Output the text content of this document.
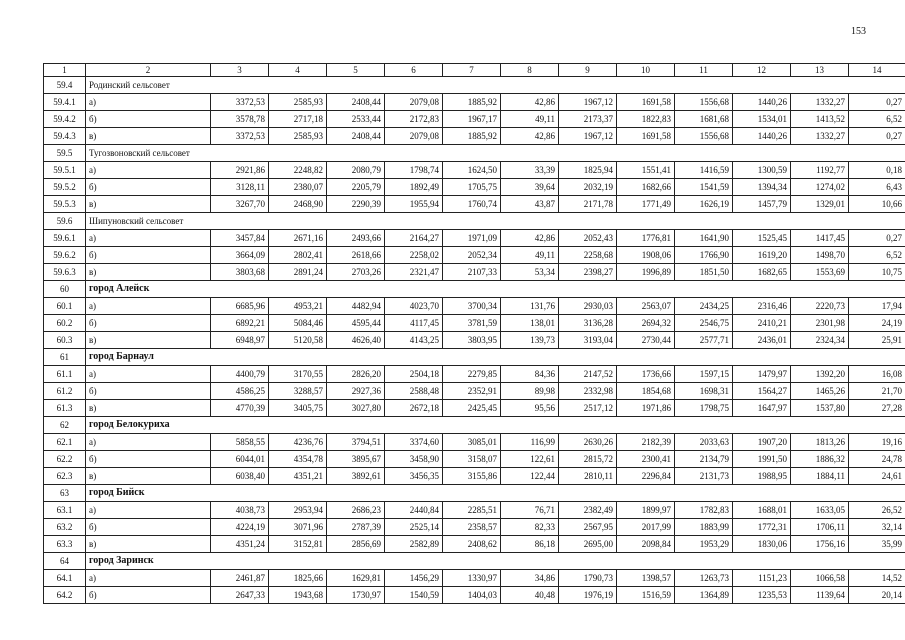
153
1	2	3	4	5	6	7	8	9	10	11	12	13	14
59.4	Родинский сельсовет												
59.4.1	а)	3372,53	2585,93	2408,44	2079,08	1885,92	42,86	1967,12	1691,58	1556,68	1440,26	1332,27	0,27
59.4.2	б)	3578,78	2717,18	2533,44	2172,83	1967,17	49,11	2173,37	1822,83	1681,68	1534,01	1413,52	6,52
59.4.3	в)	3372,53	2585,93	2408,44	2079,08	1885,92	42,86	1967,12	1691,58	1556,68	1440,26	1332,27	0,27
59.5	Тугозвоновский сельсовет												
59.5.1	а)	2921,86	2248,82	2080,79	1798,74	1624,50	33,39	1825,94	1551,41	1416,59	1300,59	1192,77	0,18
59.5.2	б)	3128,11	2380,07	2205,79	1892,49	1705,75	39,64	2032,19	1682,66	1541,59	1394,34	1274,02	6,43
59.5.3	в)	3267,70	2468,90	2290,39	1955,94	1760,74	43,87	2171,78	1771,49	1626,19	1457,79	1329,01	10,66
59.6	Шипуновский сельсовет												
59.6.1	а)	3457,84	2671,16	2493,66	2164,27	1971,09	42,86	2052,43	1776,81	1641,90	1525,45	1417,45	0,27
59.6.2	б)	3664,09	2802,41	2618,66	2258,02	2052,34	49,11	2258,68	1908,06	1766,90	1619,20	1498,70	6,52
59.6.3	в)	3803,68	2891,24	2703,26	2321,47	2107,33	53,34	2398,27	1996,89	1851,50	1682,65	1553,69	10,75
60	город Алейск												
60.1	а)	6685,96	4953,21	4482,94	4023,70	3700,34	131,76	2930,03	2563,07	2434,25	2316,46	2220,73	17,94
60.2	б)	6892,21	5084,46	4595,44	4117,45	3781,59	138,01	3136,28	2694,32	2546,75	2410,21	2301,98	24,19
60.3	в)	6948,97	5120,58	4626,40	4143,25	3803,95	139,73	3193,04	2730,44	2577,71	2436,01	2324,34	25,91
61	город Барнаул												
61.1	а)	4400,79	3170,55	2826,20	2504,18	2279,85	84,36	2147,52	1736,66	1597,15	1479,97	1392,20	16,08
61.2	б)	4586,25	3288,57	2927,36	2588,48	2352,91	89,98	2332,98	1854,68	1698,31	1564,27	1465,26	21,70
61.3	в)	4770,39	3405,75	3027,80	2672,18	2425,45	95,56	2517,12	1971,86	1798,75	1647,97	1537,80	27,28
62	город Белокуриха												
62.1	а)	5858,55	4236,76	3794,51	3374,60	3085,01	116,99	2630,26	2182,39	2033,63	1907,20	1813,26	19,16
62.2	б)	6044,01	4354,78	3895,67	3458,90	3158,07	122,61	2815,72	2300,41	2134,79	1991,50	1886,32	24,78
62.3	в)	6038,40	4351,21	3892,61	3456,35	3155,86	122,44	2810,11	2296,84	2131,73	1988,95	1884,11	24,61
63	город Бийск												
63.1	а)	4038,73	2953,94	2686,23	2440,84	2285,51	76,71	2382,49	1899,97	1782,83	1688,01	1633,05	26,52
63.2	б)	4224,19	3071,96	2787,39	2525,14	2358,57	82,33	2567,95	2017,99	1883,99	1772,31	1706,11	32,14
63.3	в)	4351,24	3152,81	2856,69	2582,89	2408,62	86,18	2695,00	2098,84	1953,29	1830,06	1756,16	35,99
64	город Заринск												
64.1	а)	2461,87	1825,66	1629,81	1456,29	1330,97	34,86	1790,73	1398,57	1263,73	1151,23	1066,58	14,52
64.2	б)	2647,33	1943,68	1730,97	1540,59	1404,03	40,48	1976,19	1516,59	1364,89	1235,53	1139,64	20,14
